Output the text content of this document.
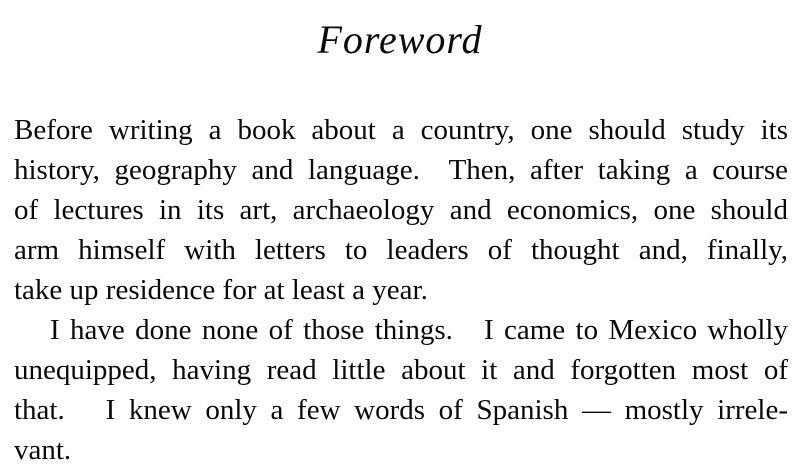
Foreword
Before writing a book about a country, one should study its
history, geography and language.  Then, after taking a course
of lectures in its art, archaeology and economics, one should
arm himself with letters to leaders of thought and, finally,
take up residence for at least a year.
I have done none of those things.   I came to Mexico wholly
unequipped, having read little about it and forgotten most of
that.   I knew only a few words of Spanish — mostly irrele-
vant.
